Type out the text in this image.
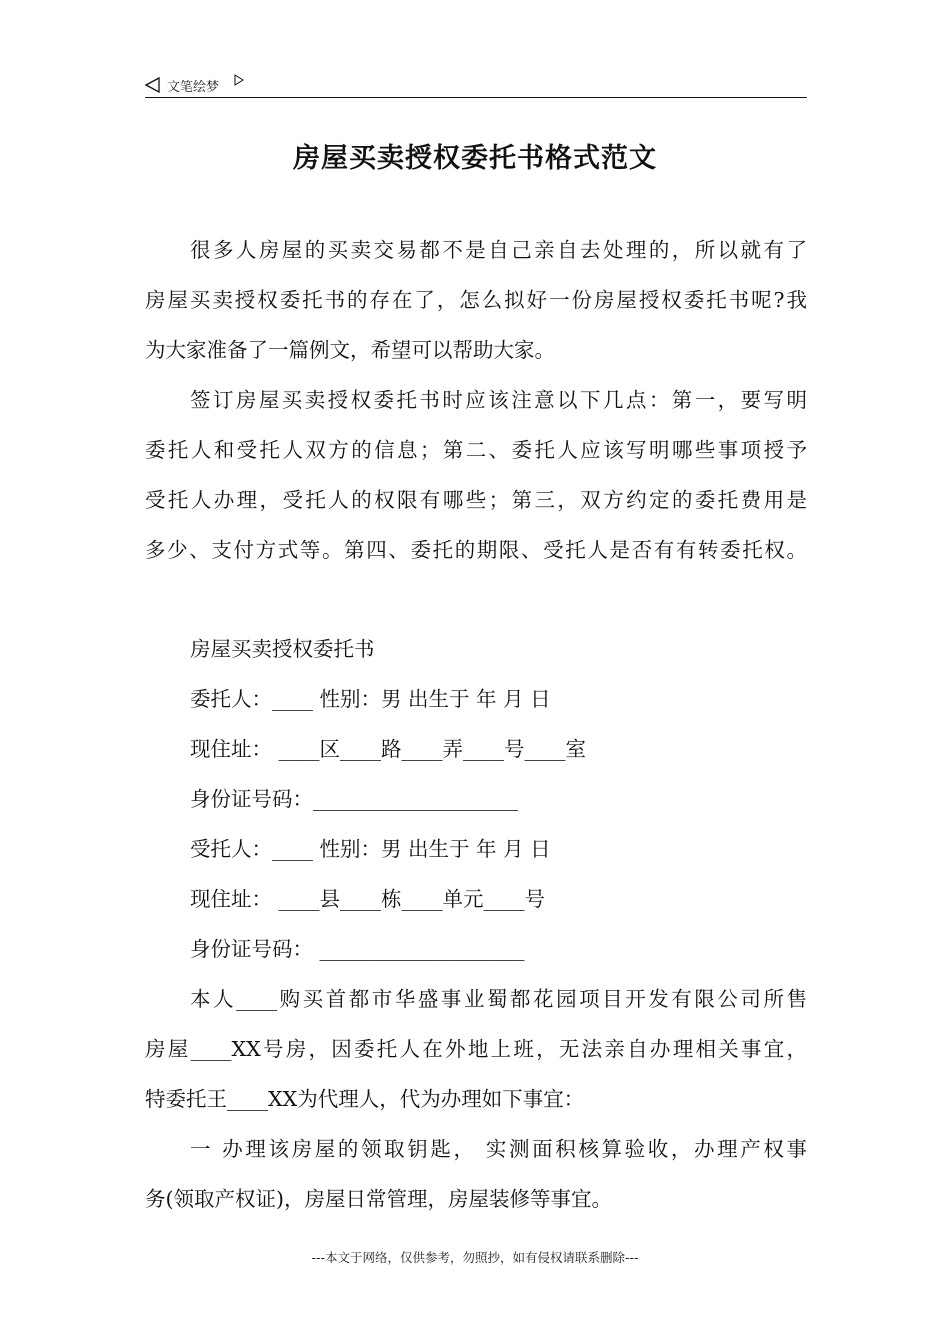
文笔绘梦
房屋买卖授权委托书格式范文
很多人房屋的买卖交易都不是自己亲自去处理的，所以就有了
房屋买卖授权委托书的存在了，怎么拟好一份房屋授权委托书呢?我
为大家准备了一篇例文，希望可以帮助大家。
签订房屋买卖授权委托书时应该注意以下几点：第一，要写明
委托人和受托人双方的信息；第二、委托人应该写明哪些事项授予
受托人办理，受托人的权限有哪些；第三，双方约定的委托费用是
多少、支付方式等。第四、委托的期限、受托人是否有有转委托权。
房屋买卖授权委托书
委托人：____ 性别：男 出生于 年 月 日
现住址： ____区____路____弄____号____室
身份证号码：____________________
受托人：____ 性别：男 出生于 年 月 日
现住址： ____县____栋____单元____号
身份证号码： ____________________
本人____购买首都市华盛事业蜀都花园项目开发有限公司所售
房屋____XX号房，因委托人在外地上班，无法亲自办理相关事宜，
特委托王____XX为代理人，代为办理如下事宜：
一 办理该房屋的领取钥匙， 实测面积核算验收，办理产权事
务(领取产权证)，房屋日常管理，房屋装修等事宜。
---本文于网络，仅供参考，勿照抄，如有侵权请联系删除---
